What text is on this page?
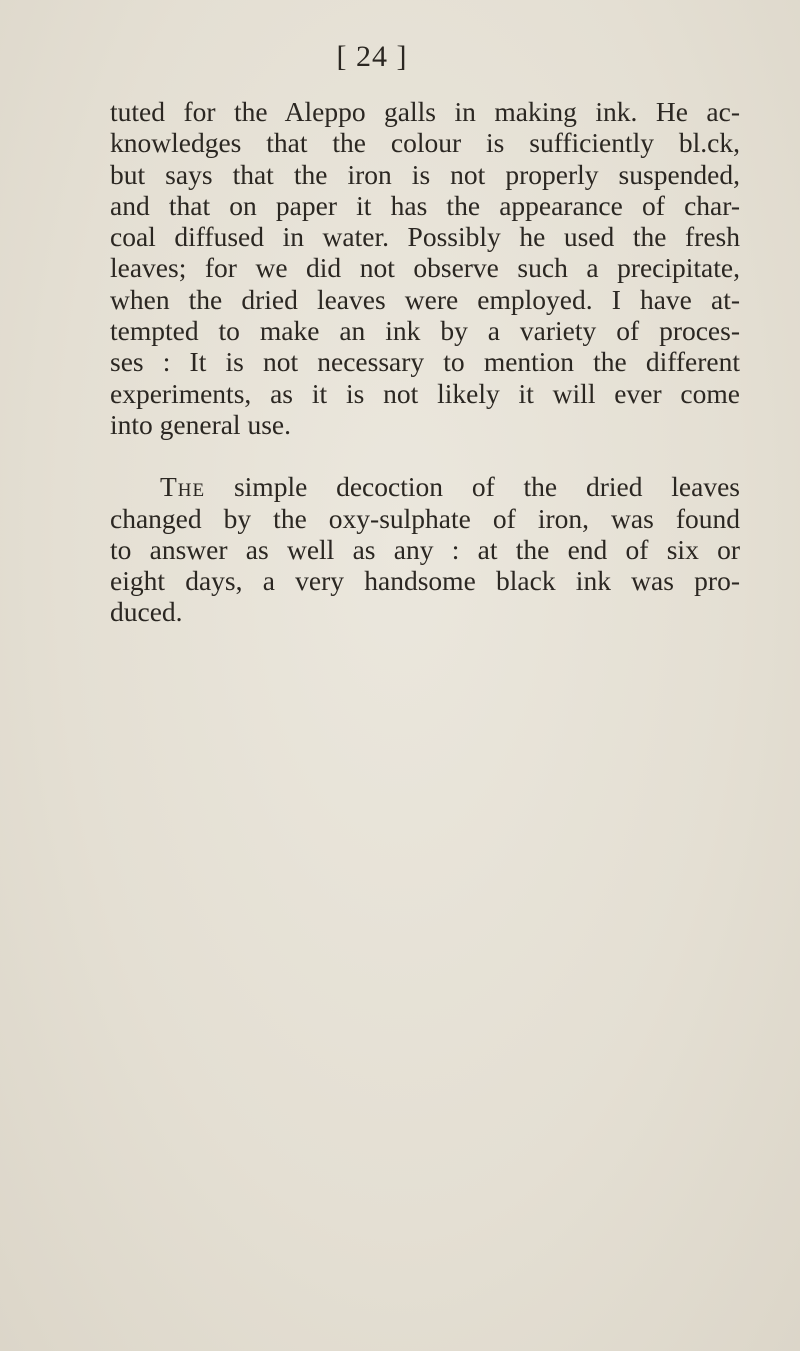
[ 24 ]
tuted for the Aleppo galls in making ink. He ac-
knowledges that the colour is sufficiently bl.ck,
but says that the iron is not properly suspended,
and that on paper it has the appearance of char-
coal diffused in water. Possibly he used the fresh
leaves; for we did not observe such a precipitate,
when the dried leaves were employed. I have at-
tempted to make an ink by a variety of proces-
ses : It is not necessary to mention the different
experiments, as it is not likely it will ever come
into general use.
The simple decoction of the dried leaves
changed by the oxy-sulphate of iron, was found
to answer as well as any : at the end of six or
eight days, a very handsome black ink was pro-
duced.
